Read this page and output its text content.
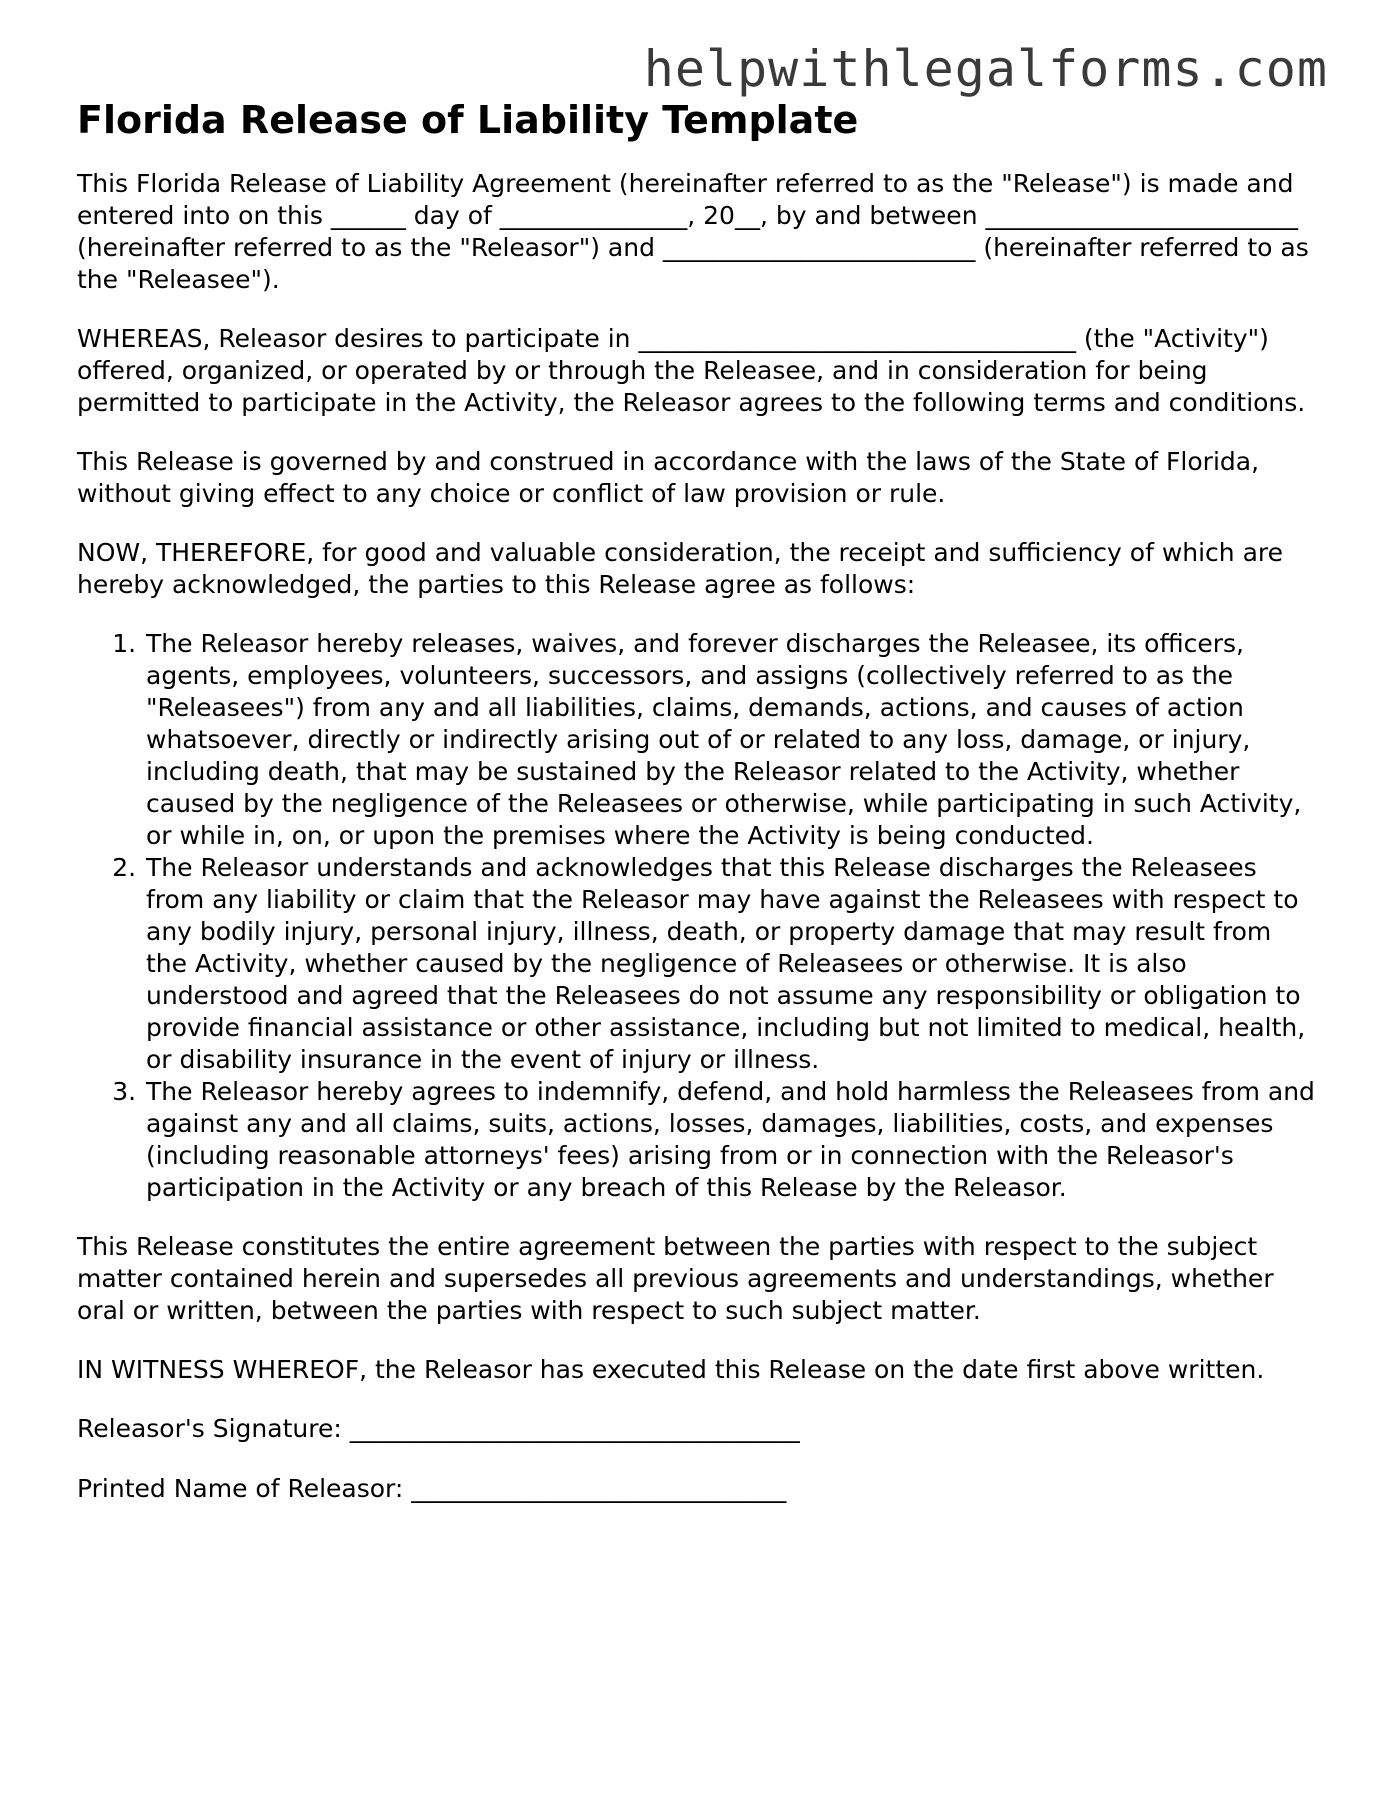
helpwithlegalforms.com
Florida Release of Liability Template

This Florida Release of Liability Agreement (hereinafter referred to as the "Release") is made and entered into on this ______ day of _______________, 20__, by and between _________________________ (hereinafter referred to as the "Releasor") and _________________________ (hereinafter referred to as the "Releasee").

WHEREAS, Releasor desires to participate in ___________________________________ (the "Activity") offered, organized, or operated by or through the Releasee, and in consideration for being permitted to participate in the Activity, the Releasor agrees to the following terms and conditions.

This Release is governed by and construed in accordance with the laws of the State of Florida, without giving effect to any choice or conflict of law provision or rule.

NOW, THEREFORE, for good and valuable consideration, the receipt and sufficiency of which are hereby acknowledged, the parties to this Release agree as follows:

1. The Releasor hereby releases, waives, and forever discharges the Releasee, its officers, agents, employees, volunteers, successors, and assigns (collectively referred to as the "Releasees") from any and all liabilities, claims, demands, actions, and causes of action whatsoever, directly or indirectly arising out of or related to any loss, damage, or injury, including death, that may be sustained by the Releasor related to the Activity, whether caused by the negligence of the Releasees or otherwise, while participating in such Activity, or while in, on, or upon the premises where the Activity is being conducted.
2. The Releasor understands and acknowledges that this Release discharges the Releasees from any liability or claim that the Releasor may have against the Releasees with respect to any bodily injury, personal injury, illness, death, or property damage that may result from the Activity, whether caused by the negligence of Releasees or otherwise. It is also understood and agreed that the Releasees do not assume any responsibility or obligation to provide financial assistance or other assistance, including but not limited to medical, health, or disability insurance in the event of injury or illness.
3. The Releasor hereby agrees to indemnify, defend, and hold harmless the Releasees from and against any and all claims, suits, actions, losses, damages, liabilities, costs, and expenses (including reasonable attorneys' fees) arising from or in connection with the Releasor's participation in the Activity or any breach of this Release by the Releasor.

This Release constitutes the entire agreement between the parties with respect to the subject matter contained herein and supersedes all previous agreements and understandings, whether oral or written, between the parties with respect to such subject matter.

IN WITNESS WHEREOF, the Releasor has executed this Release on the date first above written.

Releasor's Signature: ____________________________________

Printed Name of Releasor: ______________________________
